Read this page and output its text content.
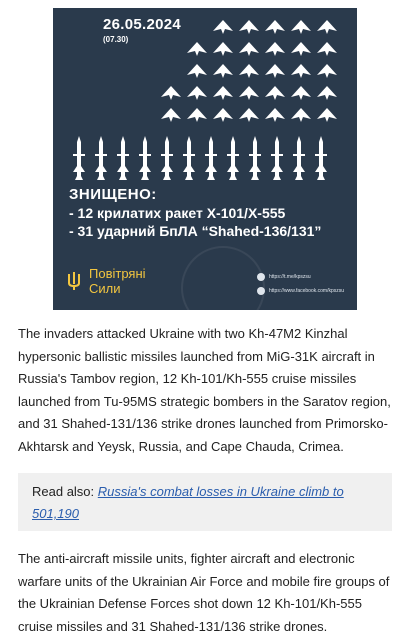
26.05.2024
(07.30)
ЗНИЩЕНО:
- 12 крилатих ракет Х-101/Х-555
- 31 ударний БпЛА “Shahed-136/131”
Повітряні
Сили
https://t.me/kpszsu
https://www.facebook.com/kpszsu
The invaders attacked Ukraine with two Kh-47M2 Kinzhal hypersonic ballistic missiles launched from MiG-31K aircraft in Russia's Tambov region, 12 Kh-101/Kh-555 cruise missiles launched from Tu-95MS strategic bombers in the Saratov region, and 31 Shahed-131/136 strike drones launched from Primorsko-Akhtarsk and Yeysk, Russia, and Cape Chauda, Crimea.
Read also: Russia's combat losses in Ukraine climb to 501,190
The anti-aircraft missile units, fighter aircraft and electronic warfare units of the Ukrainian Air Force and mobile fire groups of the Ukrainian Defense Forces shot down 12 Kh-101/Kh-555 cruise missiles and 31 Shahed-131/136 strike drones.
